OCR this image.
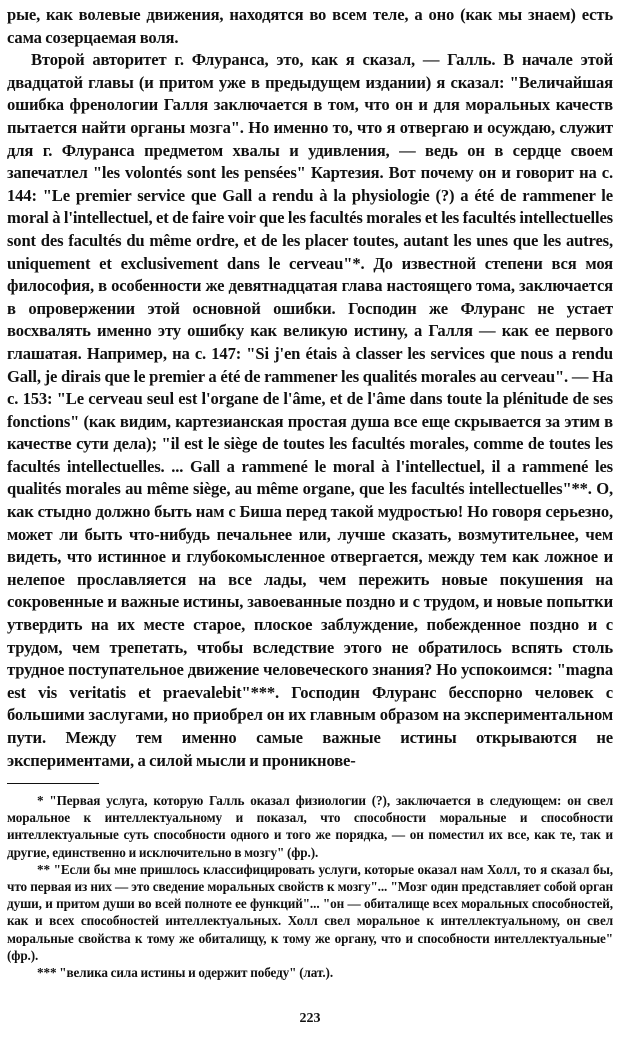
рые, как волевые движения, находятся во всем теле, а оно (как мы знаем) есть сама созерцаемая воля.

Второй авторитет г. Флуранса, это, как я сказал, — Галль. В начале этой двадцатой главы (и притом уже в предыдущем издании) я сказал: "Величайшая ошибка френологии Галля заключается в том, что он и для моральных качеств пытается найти органы мозга". Но именно то, что я отвергаю и осуждаю, служит для г. Флуранса предметом хвалы и удивления, — ведь он в сердце своем запечатлел "les volontés sont les pensées" Картезия. Вот почему он и говорит на с. 144: "Le premier service que Gall a rendu à la physiologie (?) a été de rammener le moral à l'intellectuel, et de faire voir que les facultés morales et les facultés intellectuelles sont des facultés du même ordre, et de les placer toutes, autant les unes que les autres, uniquement et exclusivement dans le cerveau"*. До известной степени вся моя философия, в особенности же девятнадцатая глава настоящего тома, заключается в опровержении этой основной ошибки. Господин же Флуранс не устает восхвалять именно эту ошибку как великую истину, а Галля — как ее первого глашатая. Например, на с. 147: "Si j'en étais à classer les services que nous a rendu Gall, je dirais que le premier a été de rammener les qualités morales au cerveau". — На с. 153: "Le cerveau seul est l'organe de l'âme, et de l'âme dans toute la plénitude de ses fonctions" (как видим, картезианская простая душа все еще скрывается за этим в качестве сути дела); "il est le siège de toutes les facultés morales, comme de toutes les facultés intellectuelles. ... Gall a rammené le moral à l'intellectuel, il a rammené les qualités morales au même siège, au même organe, que les facultés intellectuelles"**. О, как стыдно должно быть нам с Биша перед такой мудростью! Но говоря серьезно, может ли быть что-нибудь печальнее или, лучше сказать, возмутительнее, чем видеть, что истинное и глубокомысленное отвергается, между тем как ложное и нелепое прославляется на все лады, чем пережить новые покушения на сокровенные и важные истины, завоеванные поздно и с трудом, и новые попытки утвердить на их месте старое, плоское заблуждение, побежденное поздно и с трудом, чем трепетать, чтобы вследствие этого не обратилось вспять столь трудное поступательное движение человеческого знания? Но успокоимся: "magna est vis veritatis et praevalebit"***. Господин Флуранс бесспорно человек с большими заслугами, но приобрел он их главным образом на экспериментальном пути. Между тем именно самые важные истины открываются не экспериментами, а силой мысли и проникнове-

* "Первая услуга, которую Галль оказал физиологии (?), заключается в следующем: он свел моральное к интеллектуальному и показал, что способности моральные и способности интеллектуальные суть способности одного и того же порядка, — он поместил их все, как те, так и другие, единственно и исключительно в мозгу" (фр.).

** "Если бы мне пришлось классифицировать услуги, которые оказал нам Холл, то я сказал бы, что первая из них — это сведение моральных свойств к мозгу"... "Мозг один представляет собой орган души, и притом души во всей полноте ее функций"... "он — обиталище всех моральных способностей, как и всех способностей интеллектуальных. Холл свел моральное к интеллектуальному, он свел моральные свойства к тому же обиталищу, к тому же органу, что и способности интеллектуальные" (фр.).

*** "велика сила истины и одержит победу" (лат.).

223
